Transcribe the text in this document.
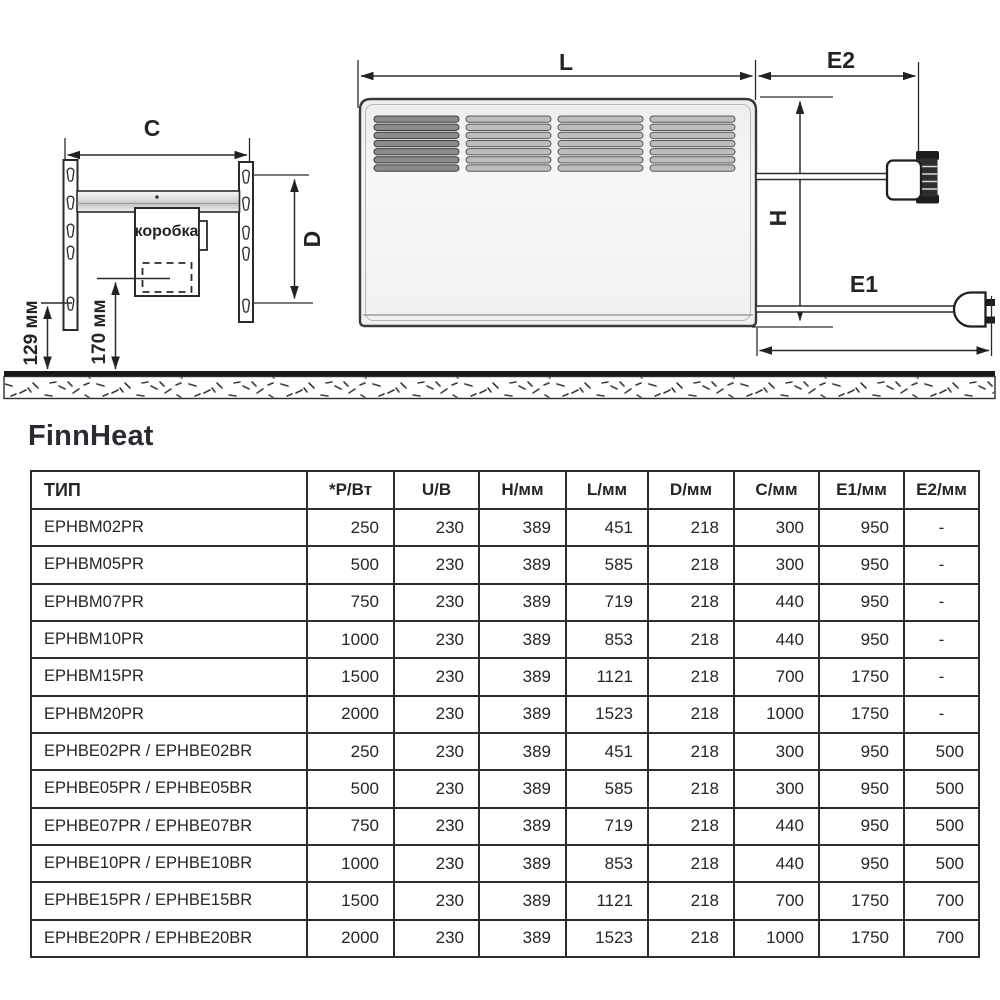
C
коробка	D
129 мм 170 мм
L	E2
H
E1
FinnHeat
ТИП	*Р/Вт	U/B	Н/мм	L/мм	D/мм	С/мм	Е1/мм	Е2/мм
EPHBM02PR	250	230	389	451	218	300	950	-
EPHBM05PR	500	230	389	585	218	300	950	-
EPHBM07PR	750	230	389	719	218	440	950	-
EPHBM10PR	1000	230	389	853	218	440	950	-
EPHBM15PR	1500	230	389	1121	218	700	1750	-
EPHBM20PR	2000	230	389	1523	218	1000	1750	-
EPHBE02PR / EPHBE02BR	250	230	389	451	218	300	950	500
EPHBE05PR / EPHBE05BR	500	230	389	585	218	300	950	500
EPHBE07PR / EPHBE07BR	750	230	389	719	218	440	950	500
EPHBE10PR / EPHBE10BR	1000	230	389	853	218	440	950	500
EPHBE15PR / EPHBE15BR	1500	230	389	1121	218	700	1750	700
EPHBE20PR / EPHBE20BR	2000	230	389	1523	218	1000	1750	700
